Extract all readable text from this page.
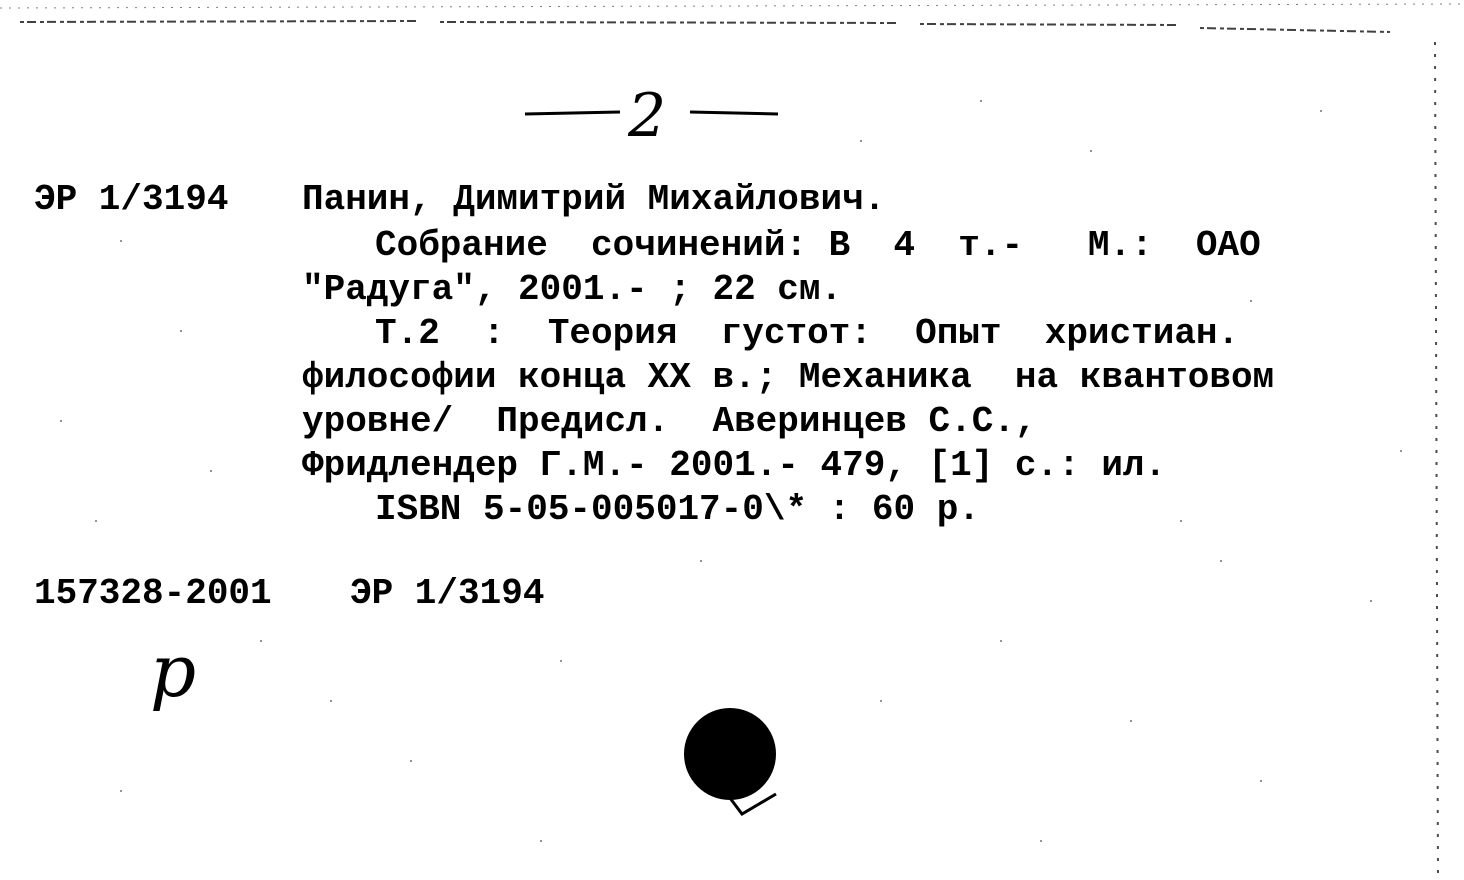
2
ЭР 1/3194 Панин, Димитрий Михайлович.
Собрание  сочинений: В  4  т.-   М.:  ОАО
"Радуга", 2001.- ; 22 см.
Т.2  :  Теория  густот:  Опыт  христиан.
философии конца XX в.; Механика  на квантовом
уровне/  Предисл.  Аверинцев С.С.,
Фридлендер Г.М.- 2001.- 479, [1] с.: ил.
ISBN 5-05-005017-0\* : 60 р.
157328-2001 ЭР 1/3194
р
